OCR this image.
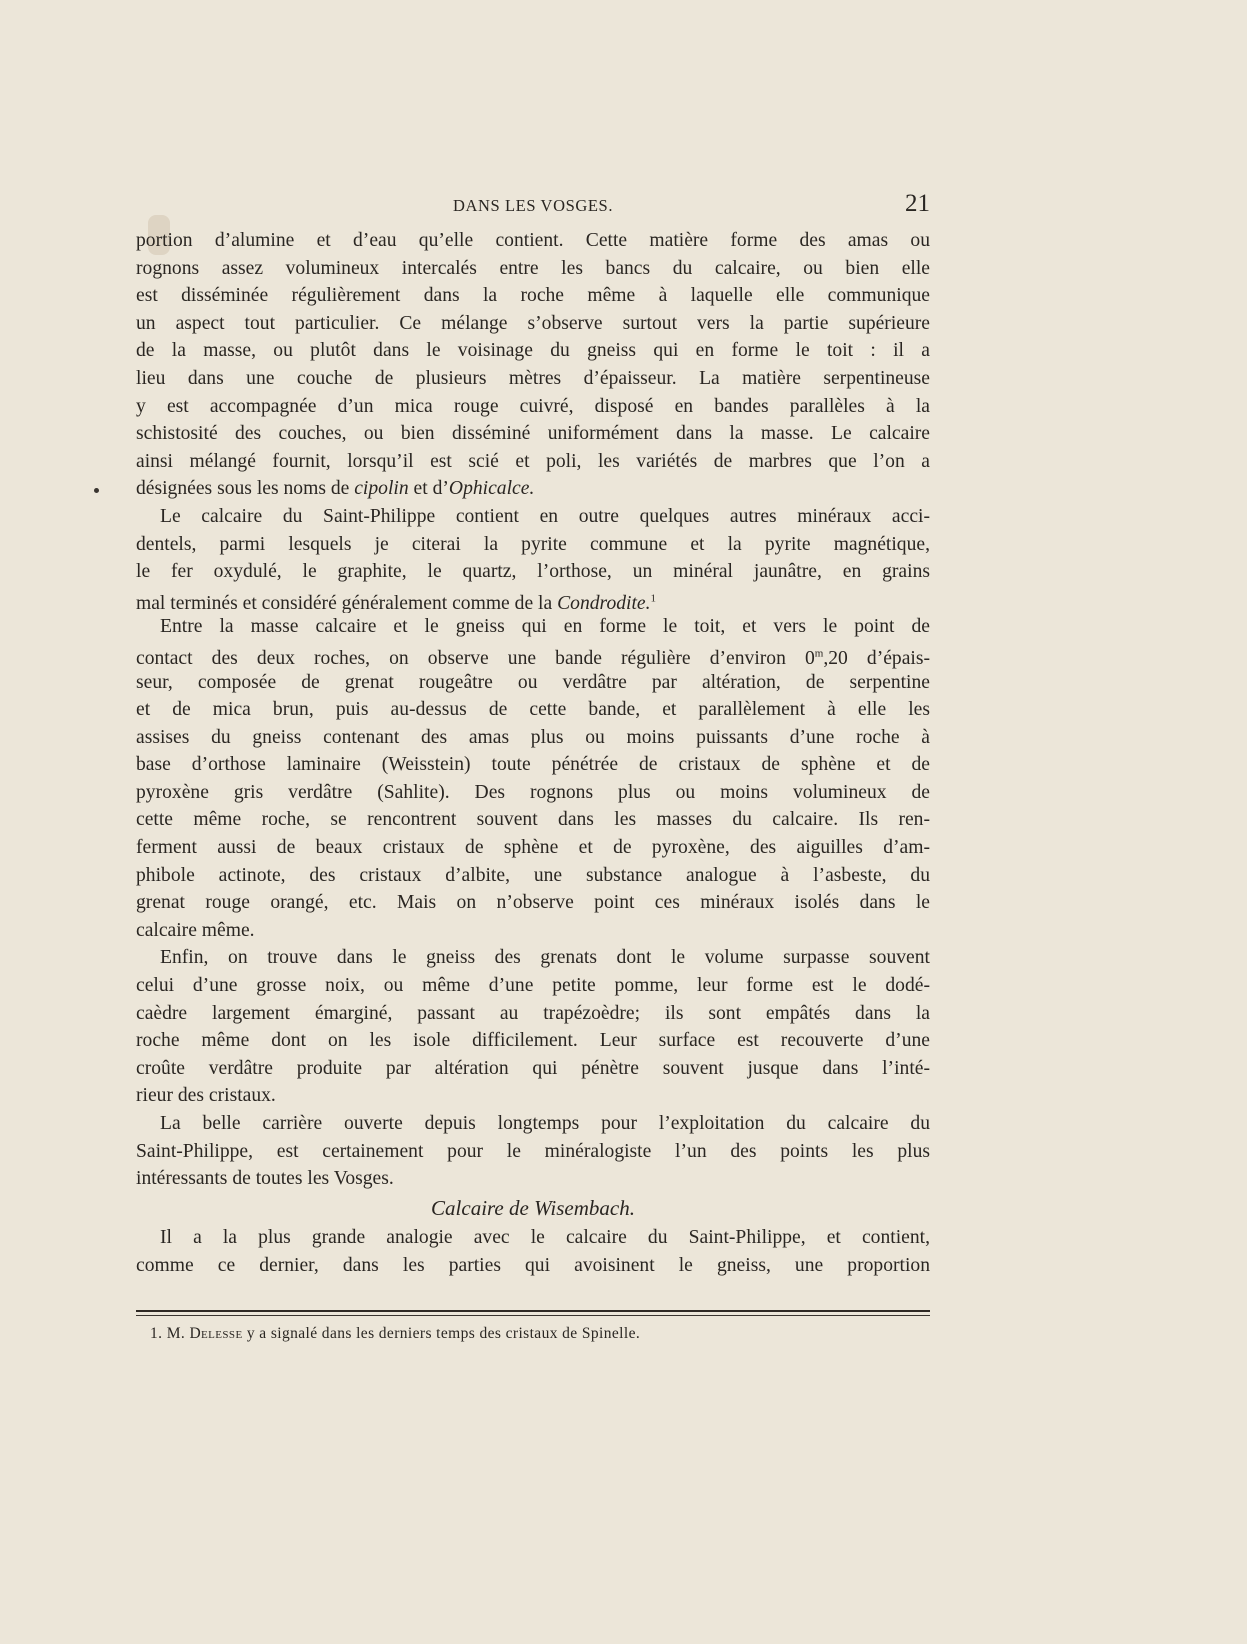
DANS LES VOSGES.	21
portion d’alumine et d’eau qu’elle contient. Cette matière forme des amas ou
rognons assez volumineux intercalés entre les bancs du calcaire, ou bien elle
est disséminée régulièrement dans la roche même à laquelle elle communique
un aspect tout particulier. Ce mélange s’observe surtout vers la partie supérieure
de la masse, ou plutôt dans le voisinage du gneiss qui en forme le toit : il a
lieu dans une couche de plusieurs mètres d’épaisseur. La matière serpentineuse
y est accompagnée d’un mica rouge cuivré, disposé en bandes parallèles à la
schistosité des couches, ou bien disséminé uniformément dans la masse. Le calcaire
ainsi mélangé fournit, lorsqu’il est scié et poli, les variétés de marbres que l’on a
désignées sous les noms de cipolin et d’Ophicalce.
Le calcaire du Saint-Philippe contient en outre quelques autres minéraux acci-
dentels, parmi lesquels je citerai la pyrite commune et la pyrite magnétique,
le fer oxydulé, le graphite, le quartz, l’orthose, un minéral jaunâtre, en grains
mal terminés et considéré généralement comme de la Condrodite.$^1$
Entre la masse calcaire et le gneiss qui en forme le toit, et vers le point de
contact des deux roches, on observe une bande régulière d’environ 0$^m$,20 d’épais-
seur, composée de grenat rougeâtre ou verdâtre par altération, de serpentine
et de mica brun, puis au-dessus de cette bande, et parallèlement à elle les
assises du gneiss contenant des amas plus ou moins puissants d’une roche à
base d’orthose laminaire (Weisstein) toute pénétrée de cristaux de sphène et de
pyroxène gris verdâtre (Sahlite). Des rognons plus ou moins volumineux de
cette même roche, se rencontrent souvent dans les masses du calcaire. Ils ren-
ferment aussi de beaux cristaux de sphène et de pyroxène, des aiguilles d’am-
phibole actinote, des cristaux d’albite, une substance analogue à l’asbeste, du
grenat rouge orangé, etc. Mais on n’observe point ces minéraux isolés dans le
calcaire même.
Enfin, on trouve dans le gneiss des grenats dont le volume surpasse souvent
celui d’une grosse noix, ou même d’une petite pomme, leur forme est le dodé-
caèdre largement émarginé, passant au trapézoèdre; ils sont empâtés dans la
roche même dont on les isole difficilement. Leur surface est recouverte d’une
croûte verdâtre produite par altération qui pénètre souvent jusque dans l’inté-
rieur des cristaux.
La belle carrière ouverte depuis longtemps pour l’exploitation du calcaire du
Saint-Philippe, est certainement pour le minéralogiste l’un des points les plus
intéressants de toutes les Vosges.
Calcaire de Wisembach.
Il a la plus grande analogie avec le calcaire du Saint-Philippe, et contient,
comme ce dernier, dans les parties qui avoisinent le gneiss, une proportion
1. M. Delesse y a signalé dans les derniers temps des cristaux de Spinelle.
